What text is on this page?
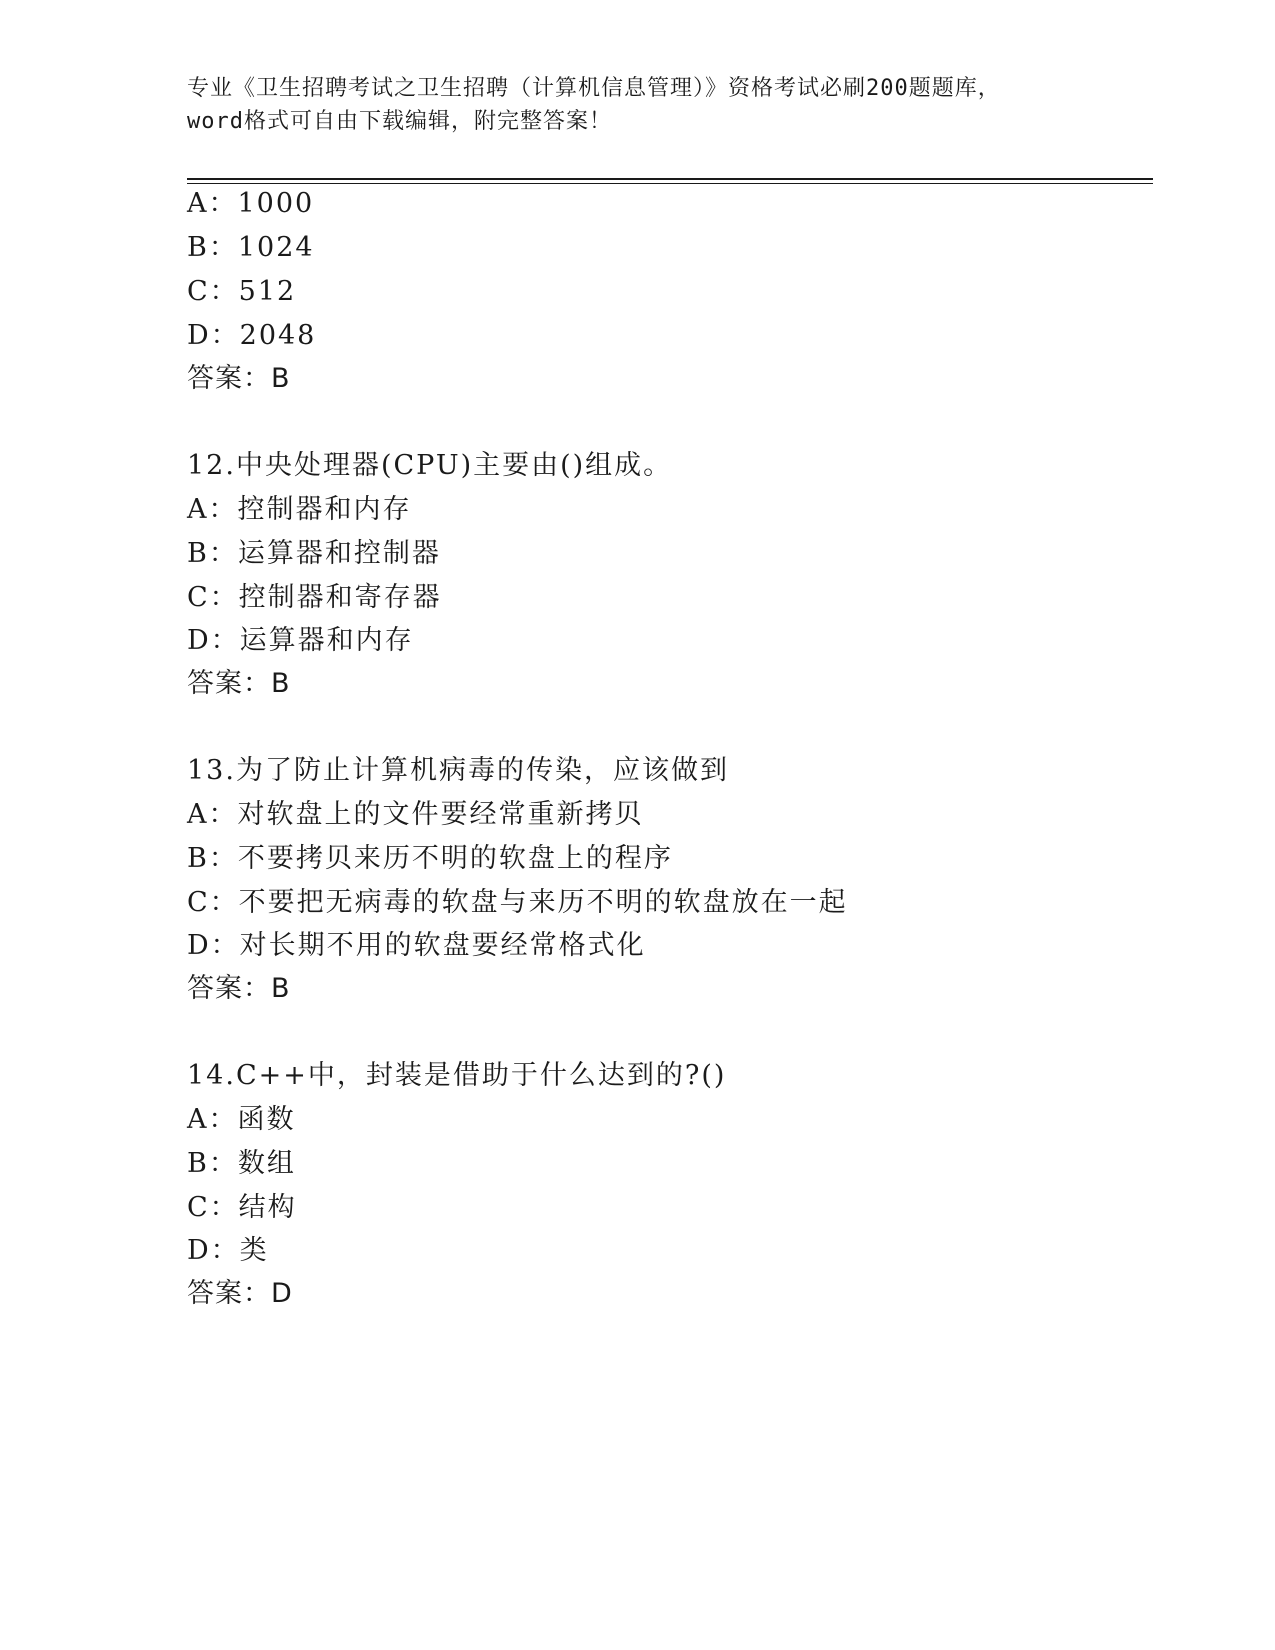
专业《卫生招聘考试之卫生招聘（计算机信息管理）》资格考试必刷200题题库，
word格式可自由下载编辑，附完整答案！
A：1000
B：1024
C：512
D：2048
答案：B
12.中央处理器(CPU)主要由()组成。
A：控制器和内存
B：运算器和控制器
C：控制器和寄存器
D：运算器和内存
答案：B
13.为了防止计算机病毒的传染，应该做到
A：对软盘上的文件要经常重新拷贝
B：不要拷贝来历不明的软盘上的程序
C：不要把无病毒的软盘与来历不明的软盘放在一起
D：对长期不用的软盘要经常格式化
答案：B
14.C++中，封装是借助于什么达到的?()
A：函数
B：数组
C：结构
D：类
答案：D
